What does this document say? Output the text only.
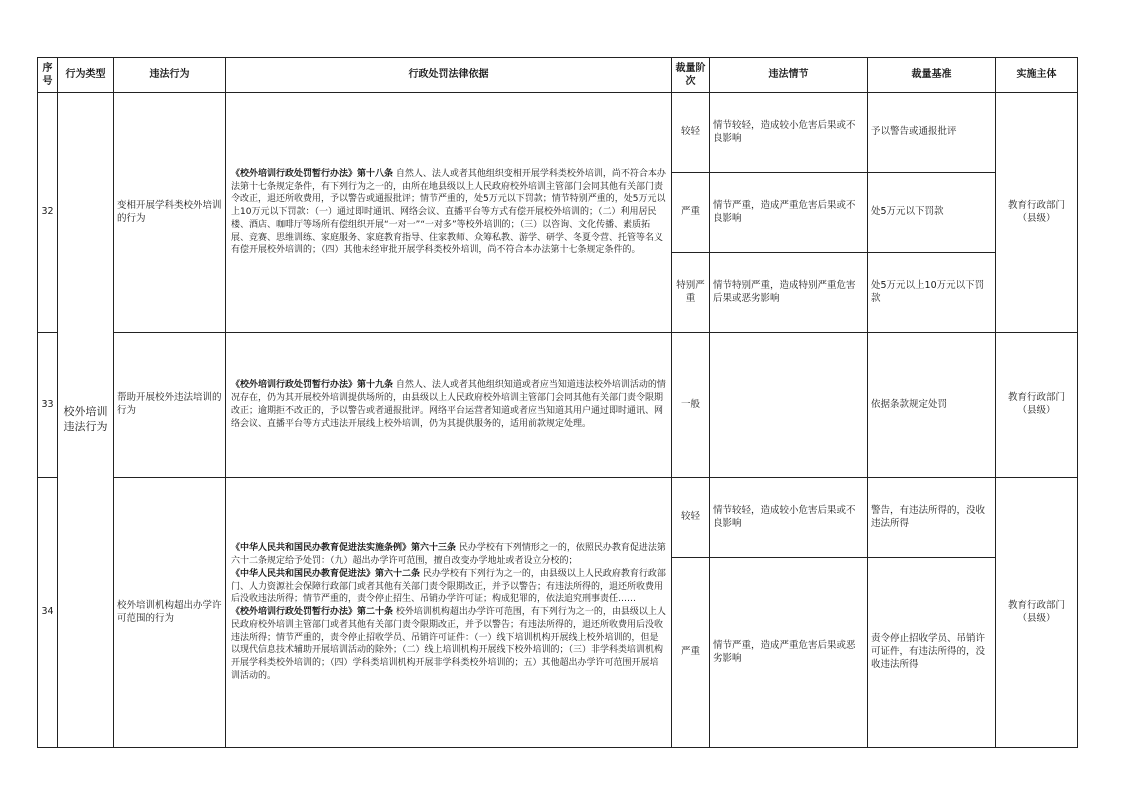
序号	行为类型	违法行为	行政处罚法律依据	裁量阶次	违法情节	裁量基准	实施主体
32	校外培训违法行为	变相开展学科类校外培训的行为	《校外培训行政处罚暂行办法》第十八条 自然人、法人或者其他组织变相开展学科类校外培训，尚不符合本办法第十七条规定条件，有下列行为之一的，由所在地县级以上人民政府校外培训主管部门会同其他有关部门责令改正，退还所收费用，予以警告或通报批评；情节严重的，处5万元以下罚款；情节特别严重的，处5万元以上10万元以下罚款：（一）通过即时通讯、网络会议、直播平台等方式有偿开展校外培训的；（二）利用居民楼、酒店、咖啡厅等场所有偿组织开展“一对一”“一对多”等校外培训的；（三）以咨询、文化传播、素质拓展、竞赛、思维训练、家庭服务、家庭教育指导、住家教师、众筹私教、游学、研学、冬夏令营、托管等名义有偿开展校外培训的；（四）其他未经审批开展学科类校外培训，尚不符合本办法第十七条规定条件的。	较轻	情节较轻，造成较小危害后果或不良影响	予以警告或通报批评	教育行政部门（县级）
				严重	情节严重，造成严重危害后果或不良影响	处5万元以下罚款	
				特别严重	情节特别严重，造成特别严重危害后果或恶劣影响	处5万元以上10万元以下罚款	
33		帮助开展校外违法培训的行为	《校外培训行政处罚暂行办法》第十九条 自然人、法人或者其他组织知道或者应当知道违法校外培训活动的情况存在，仍为其开展校外培训提供场所的，由县级以上人民政府校外培训主管部门会同其他有关部门责令限期改正；逾期拒不改正的，予以警告或者通报批评。网络平台运营者知道或者应当知道其用户通过即时通讯、网络会议、直播平台等方式违法开展线上校外培训，仍为其提供服务的，适用前款规定处理。	一般		依据条款规定处罚	教育行政部门（县级）
34		校外培训机构超出办学许可范围的行为	《中华人民共和国民办教育促进法实施条例》第六十三条 民办学校有下列情形之一的，依照民办教育促进法第六十二条规定给予处罚：（九）超出办学许可范围，擅自改变办学地址或者设立分校的；
《中华人民共和国民办教育促进法》第六十二条 民办学校有下列行为之一的，由县级以上人民政府教育行政部门、人力资源社会保障行政部门或者其他有关部门责令限期改正，并予以警告；有违法所得的，退还所收费用后没收违法所得；情节严重的，责令停止招生、吊销办学许可证；构成犯罪的，依法追究刑事责任……
《校外培训行政处罚暂行办法》第二十条 校外培训机构超出办学许可范围，有下列行为之一的，由县级以上人民政府校外培训主管部门或者其他有关部门责令限期改正，并予以警告；有违法所得的，退还所收费用后没收违法所得；情节严重的，责令停止招收学员、吊销许可证件：（一）线下培训机构开展线上校外培训的，但是以现代信息技术辅助开展培训活动的除外；（二）线上培训机构开展线下校外培训的；（三）非学科类培训机构开展学科类校外培训的；（四）学科类培训机构开展非学科类校外培训的；五）其他超出办学许可范围开展培训活动的。	较轻	情节较轻，造成较小危害后果或不良影响	警告，有违法所得的，没收违法所得	教育行政部门（县级）
				严重	情节严重，造成严重危害后果或恶劣影响	责令停止招收学员、吊销许可证件，有违法所得的，没收违法所得	
